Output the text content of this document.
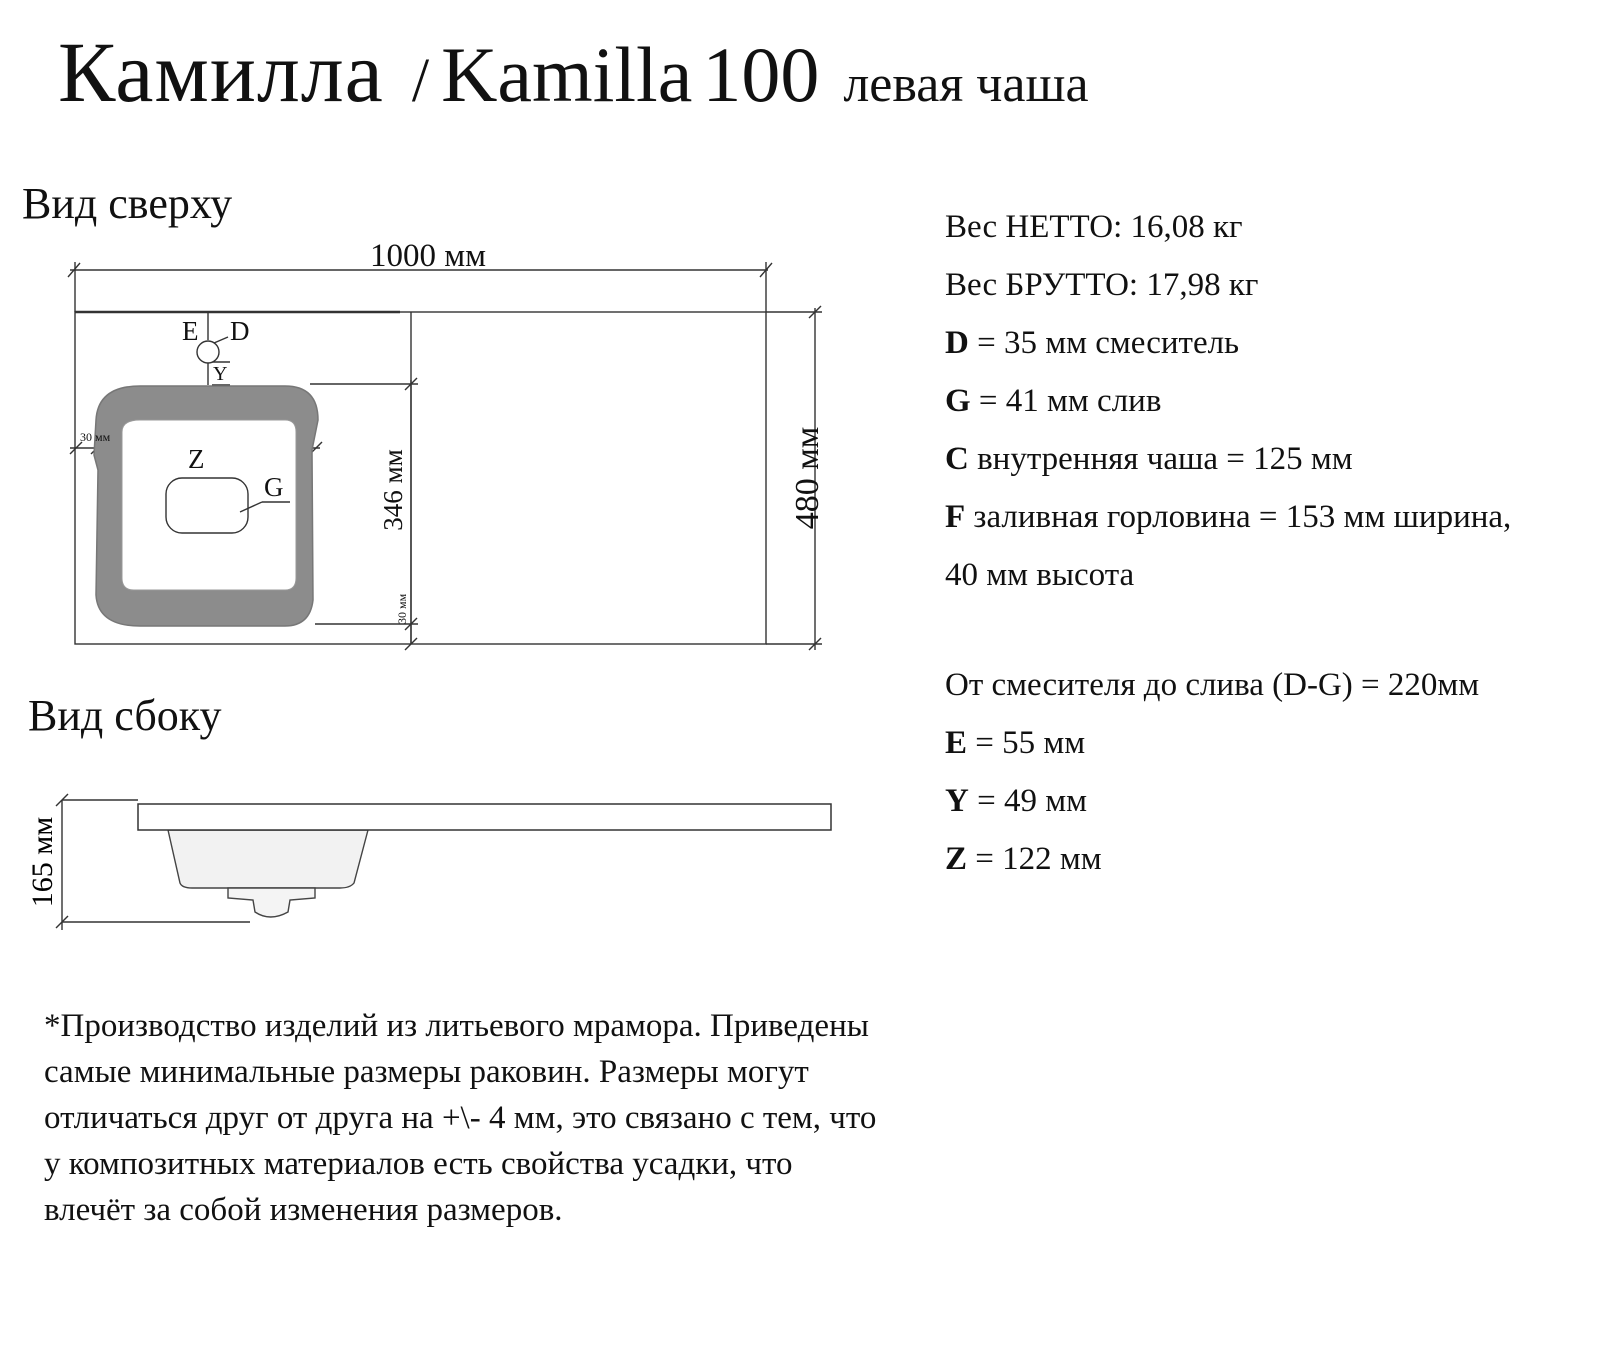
Камилла / Kamilla 100 левая чаша
Вид сверху
1000 мм
480 мм
346 мм
30 мм
30 мм
E D
Y
Z
G
Вид сбоку
165 мм
Вес НЕТТО: 16,08 кг
Вес БРУТТО: 17,98 кг
D = 35 мм смеситель
G = 41 мм слив
C внутренняя чаша = 125 мм
F заливная горловина = 153 мм ширина,
40 мм высота
От смесителя до слива (D-G) = 220мм
E = 55 мм
Y = 49 мм
Z = 122 мм
*Производство изделий из литьевого мрамора. Приведены
самые минимальные размеры раковин. Размеры могут
отличаться друг от друга на +\- 4 мм, это связано с тем, что
у композитных материалов есть свойства усадки, что
влечёт за собой изменения размеров.
